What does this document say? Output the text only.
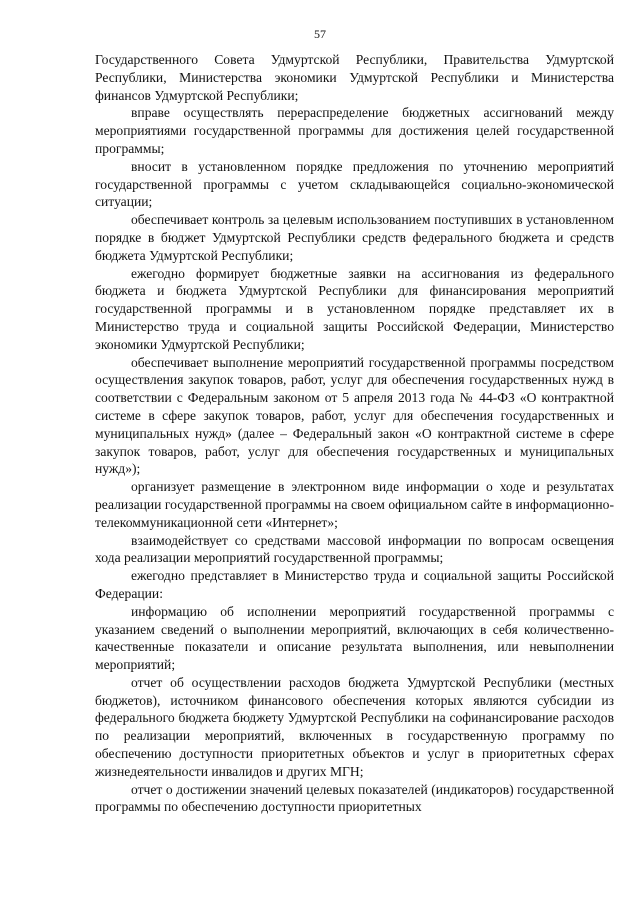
57

Государственного Совета Удмуртской Республики, Правительства Удмуртской Республики, Министерства экономики Удмуртской Республики и Министерства финансов Удмуртской Республики;

вправе осуществлять перераспределение бюджетных ассигнований между мероприятиями государственной программы для достижения целей государственной программы;

вносит в установленном порядке предложения по уточнению мероприятий государственной программы с учетом складывающейся социально-экономической ситуации;

обеспечивает контроль за целевым использованием поступивших в установленном порядке в бюджет Удмуртской Республики средств федерального бюджета и средств бюджета Удмуртской Республики;

ежегодно формирует бюджетные заявки на ассигнования из федерального бюджета и бюджета Удмуртской Республики для финансирования мероприятий государственной программы и в установленном порядке представляет их в Министерство труда и социальной защиты Российской Федерации, Министерство экономики Удмуртской Республики;

обеспечивает выполнение мероприятий государственной программы посредством осуществления закупок товаров, работ, услуг для обеспечения государственных нужд в соответствии с Федеральным законом от 5 апреля 2013 года № 44-ФЗ «О контрактной системе в сфере закупок товаров, работ, услуг для обеспечения государственных и муниципальных нужд» (далее – Федеральный закон «О контрактной системе в сфере закупок товаров, работ, услуг для обеспечения государственных и муниципальных нужд»);

организует размещение в электронном виде информации о ходе и результатах реализации государственной программы на своем официальном сайте в информационно-телекоммуникационной сети «Интернет»;

взаимодействует со средствами массовой информации по вопросам освещения хода реализации мероприятий государственной программы;

ежегодно представляет в Министерство труда и социальной защиты Российской Федерации:

информацию об исполнении мероприятий государственной программы с указанием сведений о выполнении мероприятий, включающих в себя количественно-качественные показатели и описание результата выполнения, или невыполнении мероприятий;

отчет об осуществлении расходов бюджета Удмуртской Республики (местных бюджетов), источником финансового обеспечения которых являются субсидии из федерального бюджета бюджету Удмуртской Республики на софинансирование расходов по реализации мероприятий, включенных в государственную программу по обеспечению доступности приоритетных объектов и услуг в приоритетных сферах жизнедеятельности инвалидов и других МГН;

отчет о достижении значений целевых показателей (индикаторов) государственной программы по обеспечению доступности приоритетных
